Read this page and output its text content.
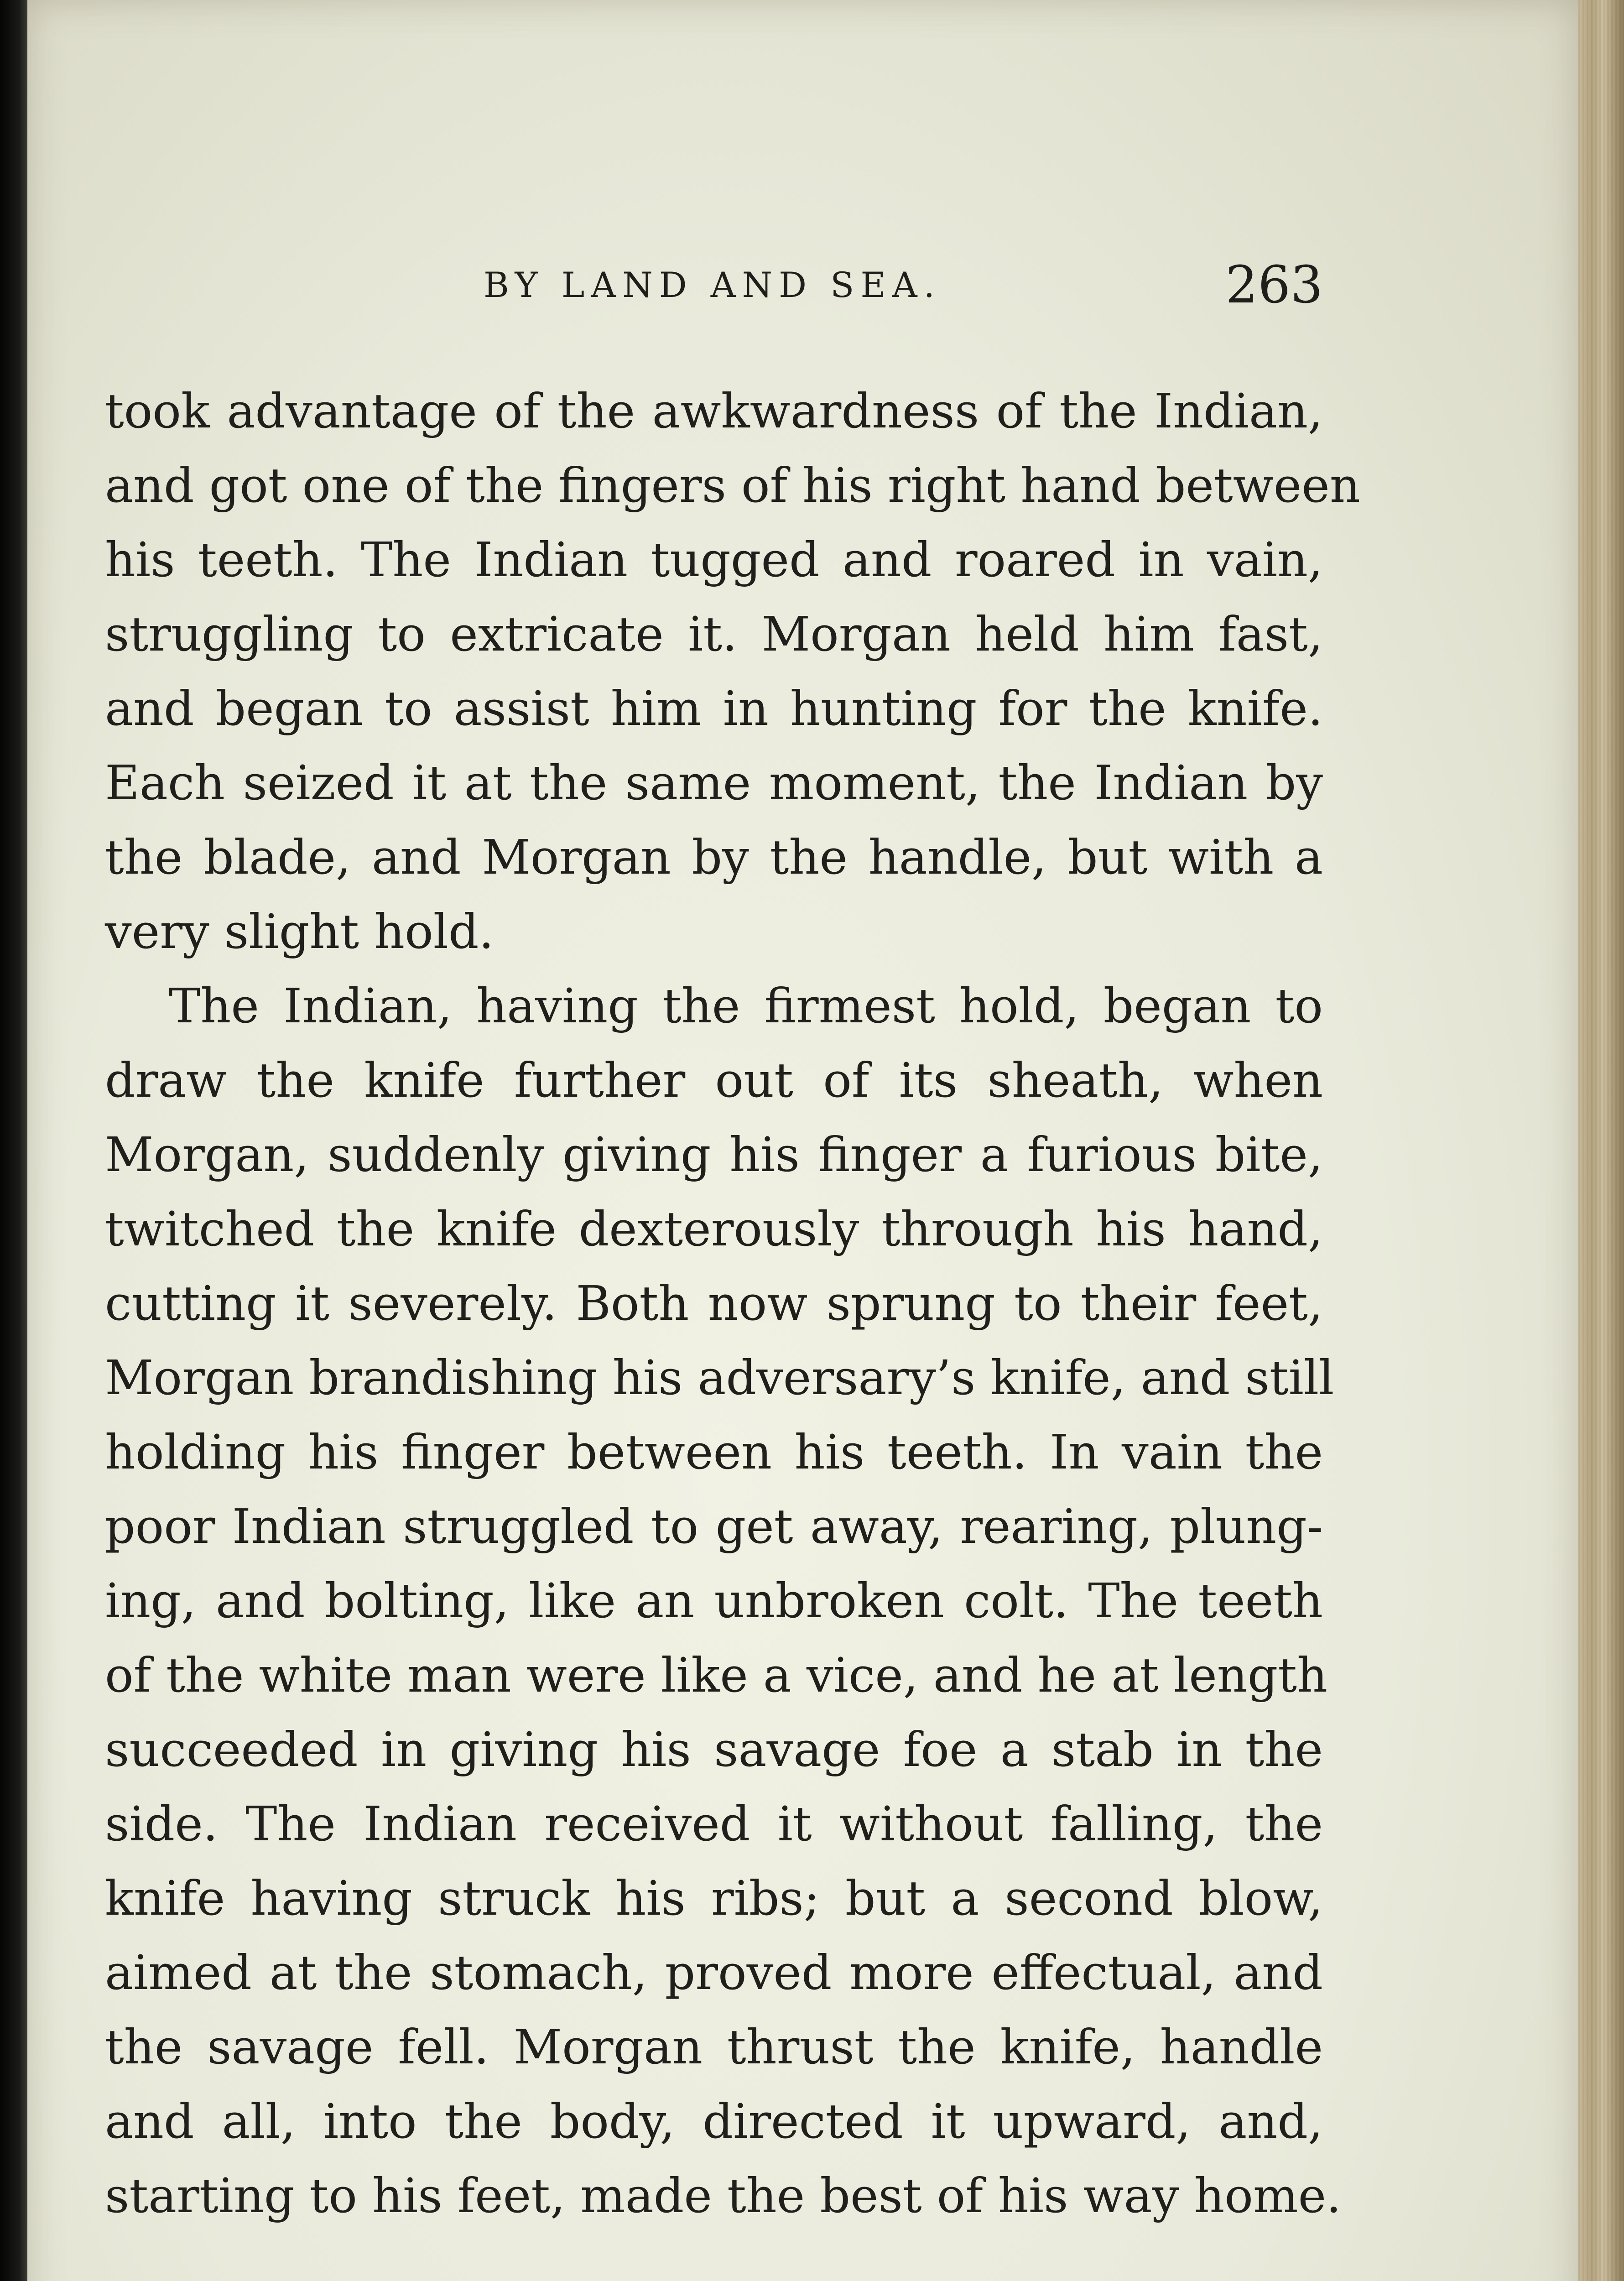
BY LAND AND SEA.	263
took advantage of the awkwardness of the Indian,
and got one of the fingers of his right hand between
his teeth. The Indian tugged and roared in vain,
struggling to extricate it. Morgan held him fast,
and began to assist him in hunting for the knife.
Each seized it at the same moment, the Indian by
the blade, and Morgan by the handle, but with a
very slight hold.
The Indian, having the firmest hold, began to
draw the knife further out of its sheath, when
Morgan, suddenly giving his finger a furious bite,
twitched the knife dexterously through his hand,
cutting it severely. Both now sprung to their feet,
Morgan brandishing his adversary’s knife, and still
holding his finger between his teeth. In vain the
poor Indian struggled to get away, rearing, plung-
ing, and bolting, like an unbroken colt. The teeth
of the white man were like a vice, and he at length
succeeded in giving his savage foe a stab in the
side. The Indian received it without falling, the
knife having struck his ribs; but a second blow,
aimed at the stomach, proved more effectual, and
the savage fell. Morgan thrust the knife, handle
and all, into the body, directed it upward, and,
starting to his feet, made the best of his way home.
